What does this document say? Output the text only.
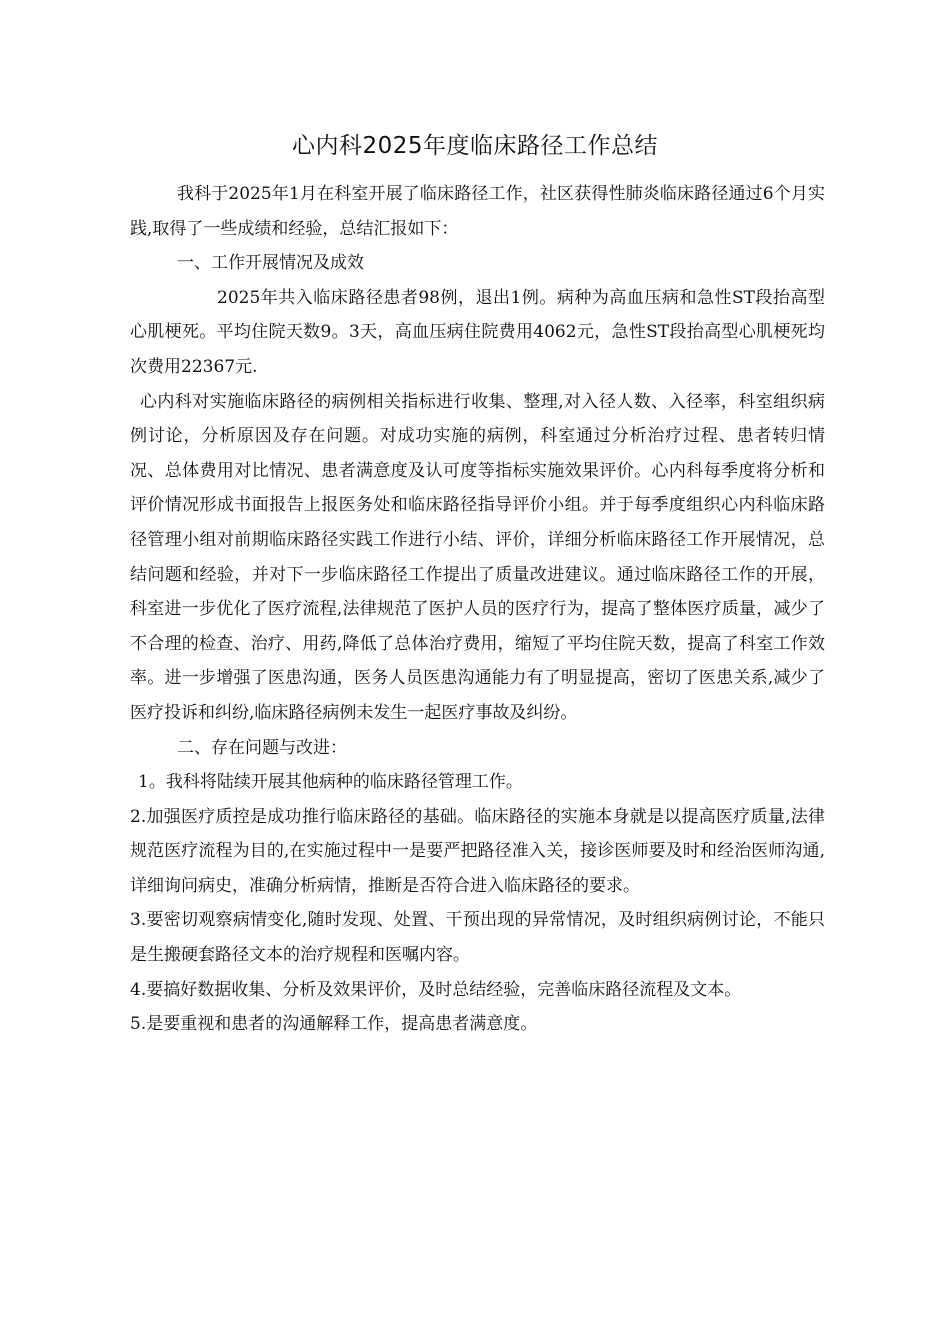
心内科2025年度临床路径工作总结

我科于2025年1月在科室开展了临床路径工作，社区获得性肺炎临床路径通过6个月实践,取得了一些成绩和经验，总结汇报如下：

一、工作开展情况及成效

2025年共入临床路径患者98例，退出1例。病种为高血压病和急性ST段抬高型心肌梗死。平均住院天数9。3天，高血压病住院费用4062元，急性ST段抬高型心肌梗死均次费用22367元.

心内科对实施临床路径的病例相关指标进行收集、整理,对入径人数、入径率，科室组织病例讨论，分析原因及存在问题。对成功实施的病例，科室通过分析治疗过程、患者转归情况、总体费用对比情况、患者满意度及认可度等指标实施效果评价。心内科每季度将分析和评价情况形成书面报告上报医务处和临床路径指导评价小组。并于每季度组织心内科临床路径管理小组对前期临床路径实践工作进行小结、评价，详细分析临床路径工作开展情况，总结问题和经验，并对下一步临床路径工作提出了质量改进建议。通过临床路径工作的开展，科室进一步优化了医疗流程,法律规范了医护人员的医疗行为，提高了整体医疗质量，减少了不合理的检查、治疗、用药,降低了总体治疗费用，缩短了平均住院天数，提高了科室工作效率。进一步增强了医患沟通，医务人员医患沟通能力有了明显提高，密切了医患关系,减少了医疗投诉和纠纷,临床路径病例未发生一起医疗事故及纠纷。

二、存在问题与改进：

1。我科将陆续开展其他病种的临床路径管理工作。

2.加强医疗质控是成功推行临床路径的基础。临床路径的实施本身就是以提高医疗质量,法律规范医疗流程为目的,在实施过程中一是要严把路径准入关，接诊医师要及时和经治医师沟通,详细询问病史，准确分析病情，推断是否符合进入临床路径的要求。

3.要密切观察病情变化,随时发现、处置、干预出现的异常情况，及时组织病例讨论，不能只是生搬硬套路径文本的治疗规程和医嘱内容。

4.要搞好数据收集、分析及效果评价，及时总结经验，完善临床路径流程及文本。

5.是要重视和患者的沟通解释工作，提高患者满意度。
